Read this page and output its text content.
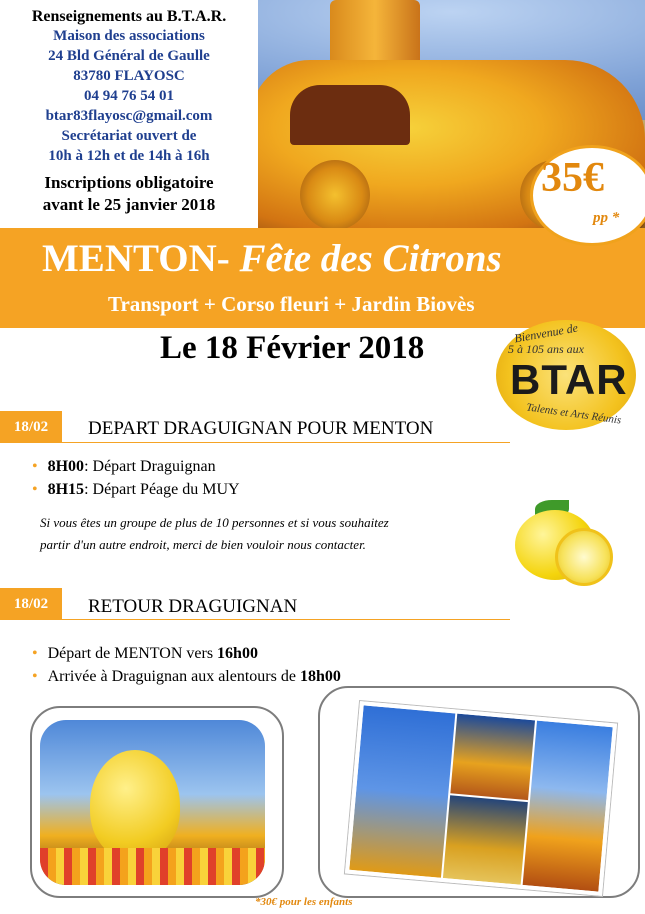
Renseignements au B.T.A.R.
Maison des associations
24 Bld Général de Gaulle
83780 FLAYOSC
04 94 76 54 01
btar83flayosc@gmail.com
Secrétariat ouvert de
10h à 12h et de 14h à 16h
Inscriptions obligatoire
avant le 25 janvier 2018
MENTON- Fête des Citrons
Transport + Corso fleuri + Jardin Biovès
35€
pp *
Le 18 Février 2018	Bienvenue de
5 à 105 ans aux
BTAR
Talents et Arts Réunis
18/02	DEPART DRAGUIGNAN POUR MENTON
• 8H00: Départ Draguignan
• 8H15: Départ Péage du MUY
Si vous êtes un groupe de plus de 10 personnes et si vous souhaitez
partir d'un autre endroit, merci de bien vouloir nous contacter.
18/02	RETOUR DRAGUIGNAN
• Départ de MENTON vers 16h00
• Arrivée à Draguignan aux alentours de 18h00
*30€ pour les enfants
